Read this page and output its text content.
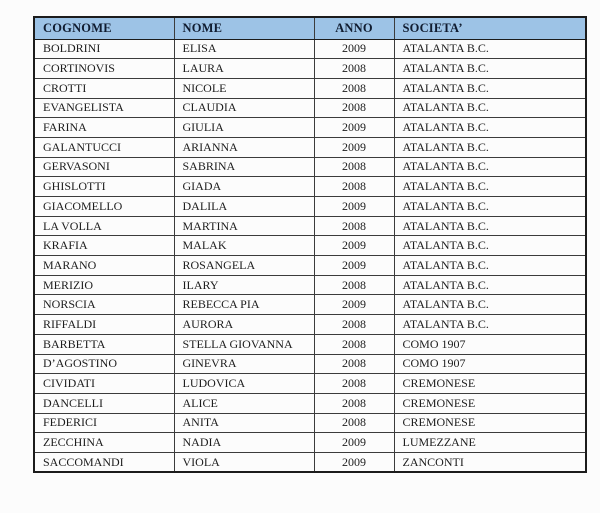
COGNOME	NOME	ANNO	SOCIETA’
BOLDRINI	ELISA	2009	ATALANTA B.C.
CORTINOVIS	LAURA	2008	ATALANTA B.C.
CROTTI	NICOLE	2008	ATALANTA B.C.
EVANGELISTA	CLAUDIA	2008	ATALANTA B.C.
FARINA	GIULIA	2009	ATALANTA B.C.
GALANTUCCI	ARIANNA	2009	ATALANTA B.C.
GERVASONI	SABRINA	2008	ATALANTA B.C.
GHISLOTTI	GIADA	2008	ATALANTA B.C.
GIACOMELLO	DALILA	2009	ATALANTA B.C.
LA VOLLA	MARTINA	2008	ATALANTA B.C.
KRAFIA	MALAK	2009	ATALANTA B.C.
MARANO	ROSANGELA	2009	ATALANTA B.C.
MERIZIO	ILARY	2008	ATALANTA B.C.
NORSCIA	REBECCA PIA	2009	ATALANTA B.C.
RIFFALDI	AURORA	2008	ATALANTA B.C.
BARBETTA	STELLA GIOVANNA	2008	COMO 1907
D’AGOSTINO	GINEVRA	2008	COMO 1907
CIVIDATI	LUDOVICA	2008	CREMONESE
DANCELLI	ALICE	2008	CREMONESE
FEDERICI	ANITA	2008	CREMONESE
ZECCHINA	NADIA	2009	LUMEZZANE
SACCOMANDI	VIOLA	2009	ZANCONTI
